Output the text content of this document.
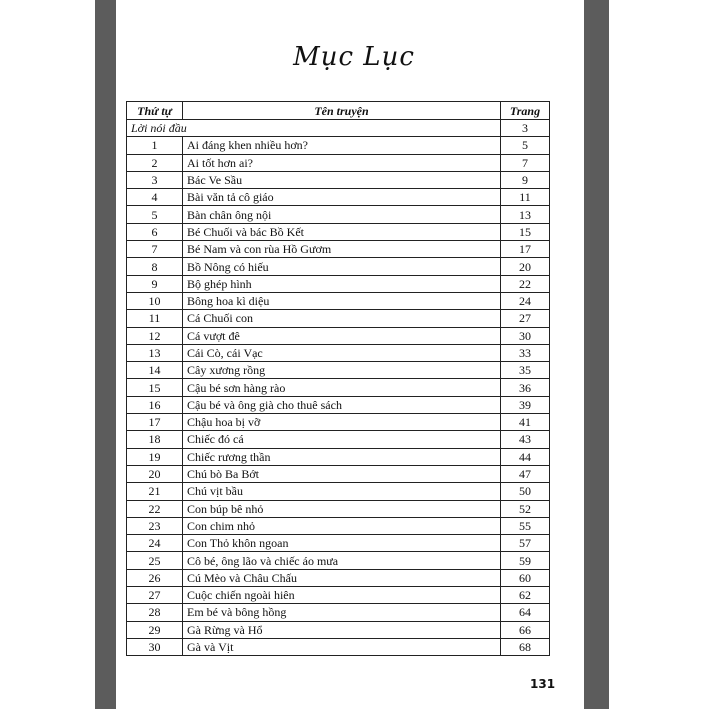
Mục Lục
Thứ tự	Tên truyện	Trang
Lời nói đầu		3
1	Ai đáng khen nhiều hơn?	5
2	Ai tốt hơn ai?	7
3	Bác Ve Sầu	9
4	Bài văn tả cô giáo	11
5	Bàn chân ông nội	13
6	Bé Chuối và bác Bồ Kết	15
7	Bé Nam và con rùa Hồ Gươm	17
8	Bồ Nông có hiếu	20
9	Bộ ghép hình	22
10	Bông hoa kì diệu	24
11	Cá Chuối con	27
12	Cá vượt đê	30
13	Cái Cò, cái Vạc	33
14	Cây xương rồng	35
15	Cậu bé sơn hàng rào	36
16	Cậu bé và ông già cho thuê sách	39
17	Chậu hoa bị vỡ	41
18	Chiếc đó cá	43
19	Chiếc rương thần	44
20	Chú bò Ba Bớt	47
21	Chú vịt bầu	50
22	Con búp bê nhỏ	52
23	Con chim nhỏ	55
24	Con Thỏ khôn ngoan	57
25	Cô bé, ông lão và chiếc áo mưa	59
26	Cú Mèo và Châu Chấu	60
27	Cuộc chiến ngoài hiên	62
28	Em bé và bông hồng	64
29	Gà Rừng và Hổ	66
30	Gà và Vịt	68
131
